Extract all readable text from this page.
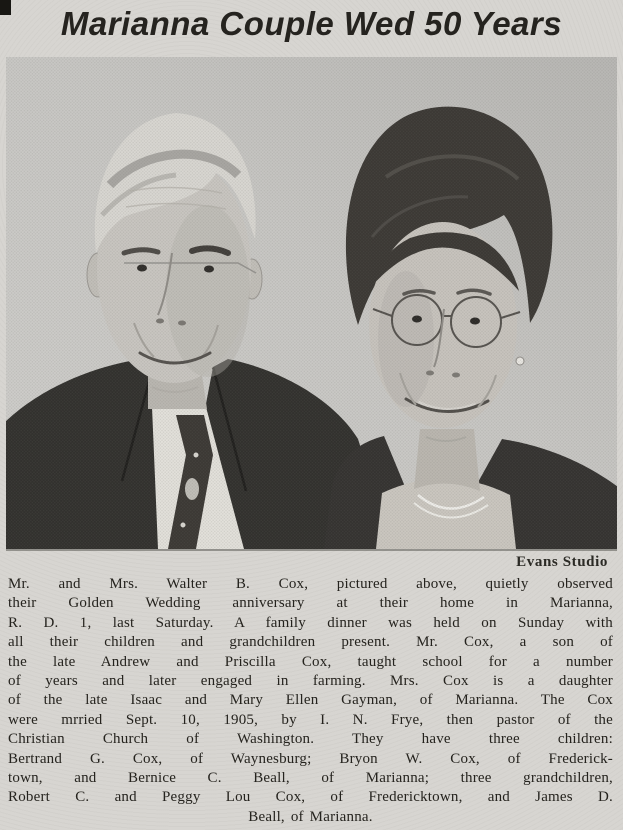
Marianna Couple Wed 50 Years
Evans Studio
Mr. and Mrs. Walter B. Cox, pictured above, quietly observed
their Golden Wedding anniversary at their home in Marianna,
R. D. 1, last Saturday. A family dinner was held on Sunday with
all their children and grandchildren present. Mr. Cox, a son of
the late Andrew and Priscilla Cox, taught school for a number
of years and later engaged in farming. Mrs. Cox is a daughter
of the late Isaac and Mary Ellen Gayman, of Marianna. The Cox
were mrried Sept. 10, 1905, by I. N. Frye, then pastor of the
Christian Church of Washington. They have three children:
Bertrand G. Cox, of Waynesburg; Bryon W. Cox, of Frederick-
town, and Bernice C. Beall, of Marianna; three grandchildren,
Robert C. and Peggy Lou Cox, of Fredericktown, and James D.
Beall, of Marianna.
